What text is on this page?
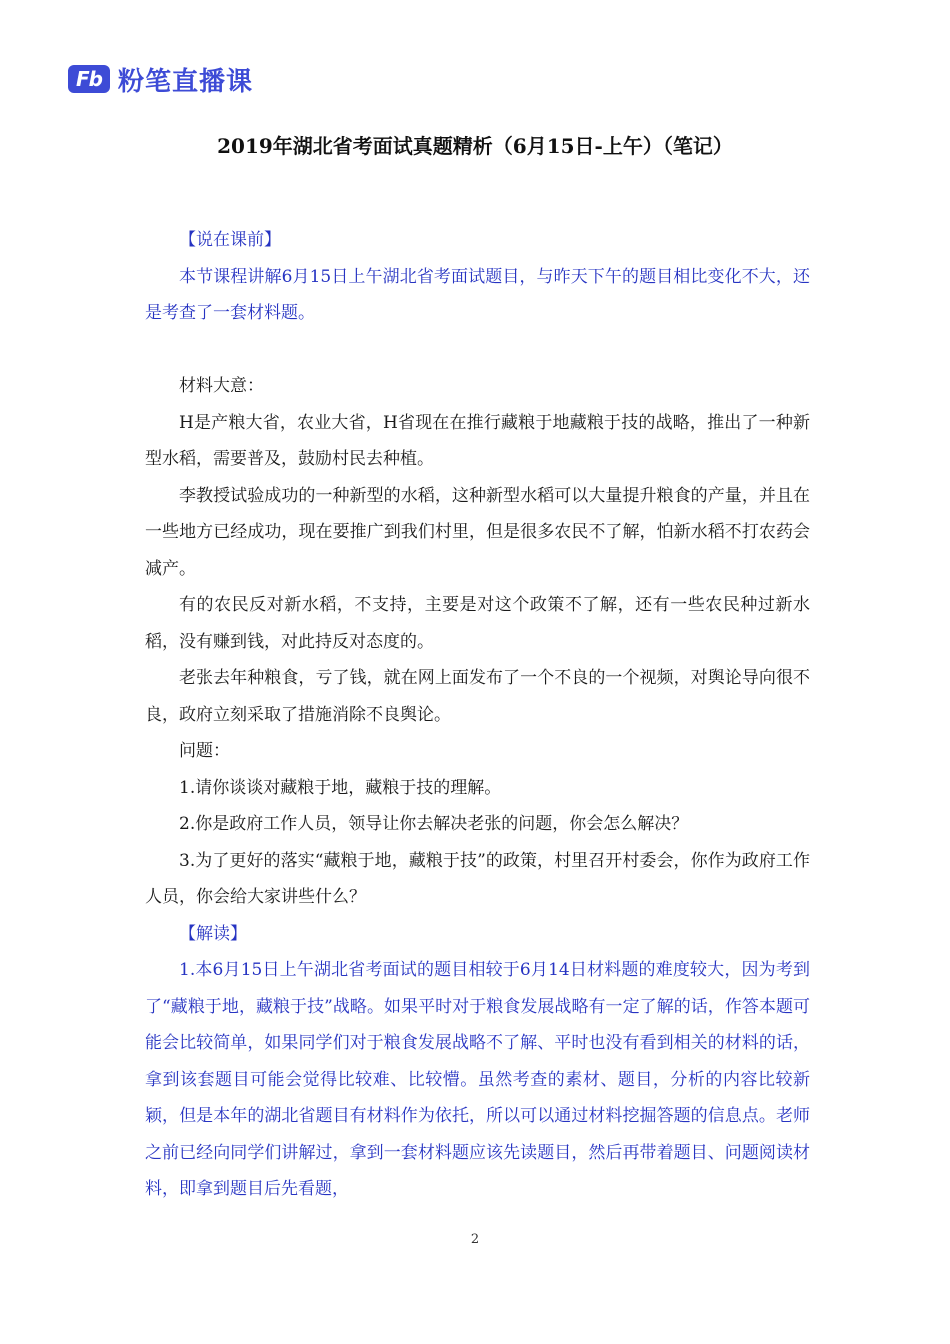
Fb 粉笔直播课
2019年湖北省考面试真题精析（6月15日-上午）（笔记）

【说在课前】

本节课程讲解6月15日上午湖北省考面试题目，与昨天下午的题目相比变化不大，还是考查了一套材料题。

材料大意：

H是产粮大省，农业大省，H省现在在推行藏粮于地藏粮于技的战略，推出了一种新型水稻，需要普及，鼓励村民去种植。

李教授试验成功的一种新型的水稻，这种新型水稻可以大量提升粮食的产量，并且在一些地方已经成功，现在要推广到我们村里，但是很多农民不了解，怕新水稻不打农药会减产。

有的农民反对新水稻，不支持，主要是对这个政策不了解，还有一些农民种过新水稻，没有赚到钱，对此持反对态度的。

老张去年种粮食，亏了钱，就在网上面发布了一个不良的一个视频，对舆论导向很不良，政府立刻采取了措施消除不良舆论。

问题：

1.请你谈谈对藏粮于地，藏粮于技的理解。

2.你是政府工作人员，领导让你去解决老张的问题，你会怎么解决？

3.为了更好的落实“藏粮于地，藏粮于技”的政策，村里召开村委会，你作为政府工作人员，你会给大家讲些什么？

【解读】

1.本6月15日上午湖北省考面试的题目相较于6月14日材料题的难度较大，因为考到了“藏粮于地，藏粮于技”战略。如果平时对于粮食发展战略有一定了解的话，作答本题可能会比较简单，如果同学们对于粮食发展战略不了解、平时也没有看到相关的材料的话，拿到该套题目可能会觉得比较难、比较懵。虽然考查的素材、题目，分析的内容比较新颖，但是本年的湖北省题目有材料作为依托，所以可以通过材料挖掘答题的信息点。老师之前已经向同学们讲解过，拿到一套材料题应该先读题目，然后再带着题目、问题阅读材料，即拿到题目后先看题，

2
